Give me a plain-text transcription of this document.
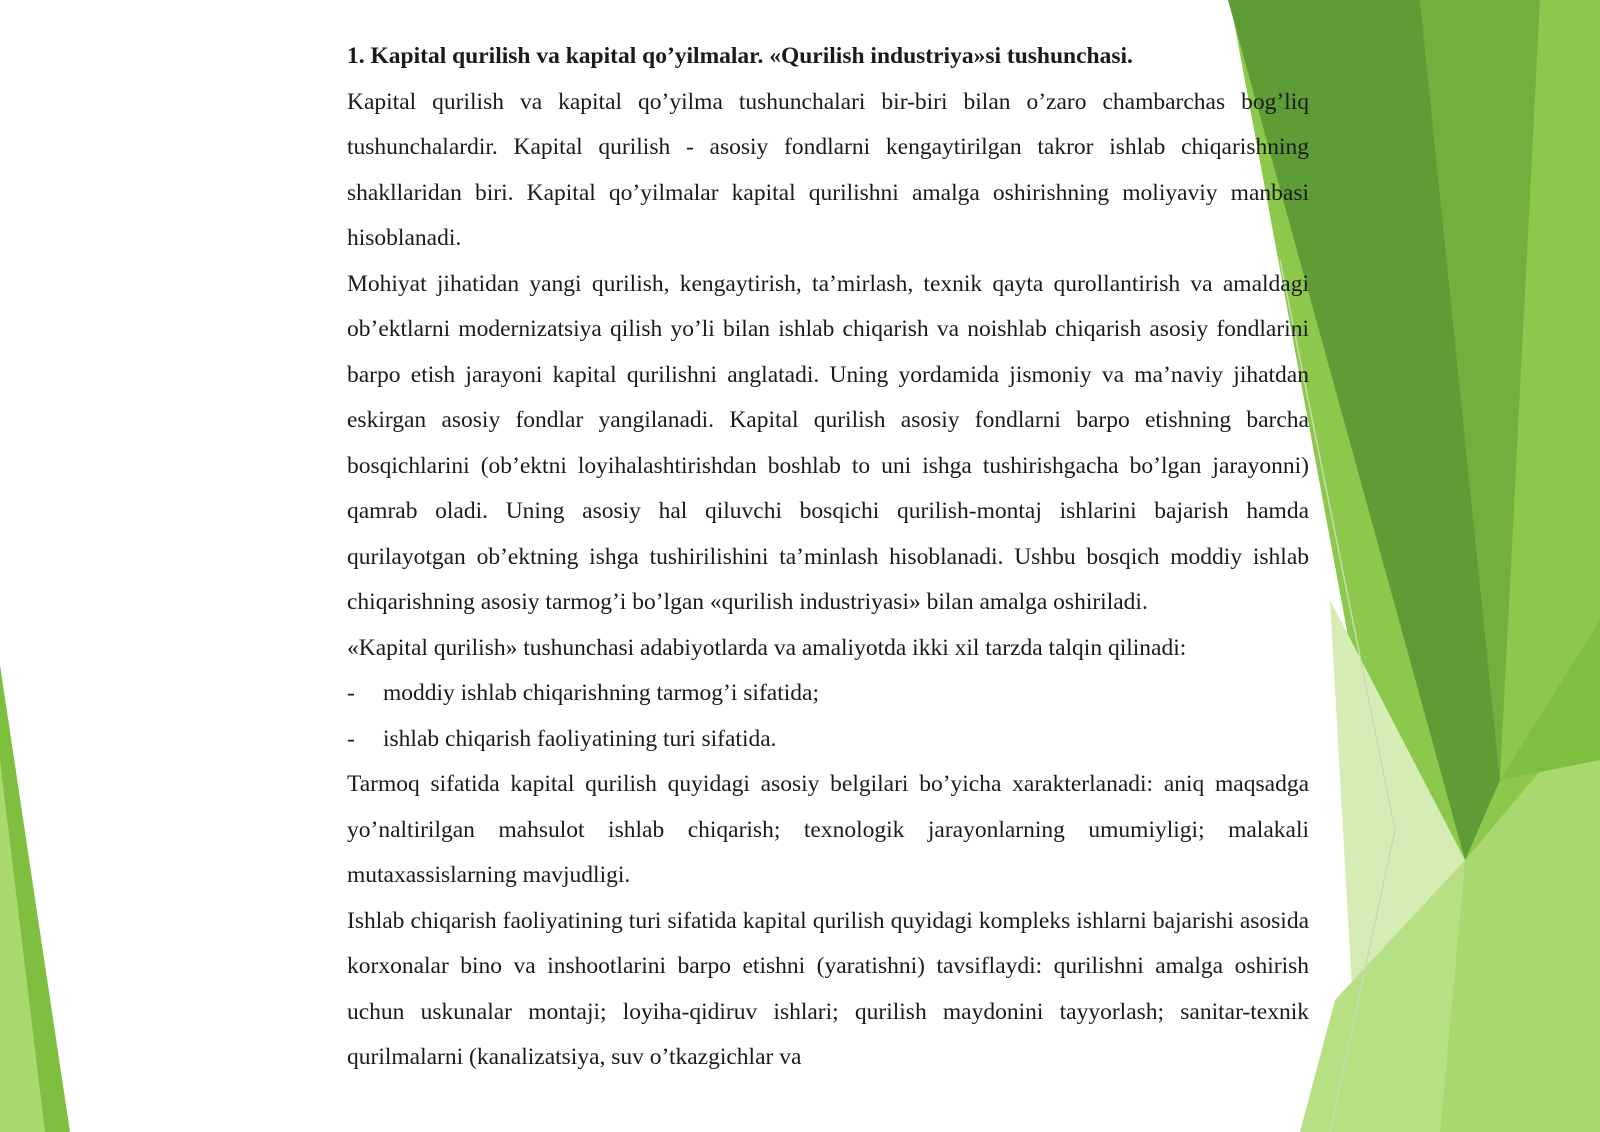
1. Kapital qurilish va kapital qo’yilmalar. «Qurilish industriya»si tushunchasi.

Kapital qurilish va kapital qo’yilma tushunchalari bir-biri bilan o’zaro chambarchas bog’liq tushunchalardir. Kapital qurilish - asosiy fondlarni kengaytirilgan takror ishlab chiqarishning shakllaridan biri. Kapital qo’yilmalar kapital qurilishni amalga oshirishning moliyaviy manbasi hisoblanadi.

Mohiyat jihatidan yangi qurilish, kengaytirish, ta’mirlash, texnik qayta qurollantirish va amaldagi ob’ektlarni modernizatsiya qilish yo’li bilan ishlab chiqarish va noishlab chiqarish asosiy fondlarini barpo etish jarayoni kapital qurilishni anglatadi. Uning yordamida jismoniy va ma’naviy jihatdan eskirgan asosiy fondlar yangilanadi. Kapital qurilish asosiy fondlarni barpo etishning barcha bosqichlarini (ob’ektni loyihalashtirishdan boshlab to uni ishga tushirishgacha bo’lgan jarayonni) qamrab oladi. Uning asosiy hal qiluvchi bosqichi qurilish-montaj ishlarini bajarish hamda qurilayotgan ob’ektning ishga tushirilishini ta’minlash hisoblanadi. Ushbu bosqich moddiy ishlab chiqarishning asosiy tarmog’i bo’lgan «qurilish industriyasi» bilan amalga oshiriladi.

«Kapital qurilish» tushunchasi adabiyotlarda va amaliyotda ikki xil tarzda talqin qilinadi:

-	moddiy ishlab chiqarishning tarmog’i sifatida;
-	ishlab chiqarish faoliyatining turi sifatida.

Tarmoq sifatida kapital qurilish quyidagi asosiy belgilari bo’yicha xarakterlanadi: aniq maqsadga yo’naltirilgan mahsulot ishlab chiqarish; texnologik jarayonlarning umumiyligi; malakali mutaxassislarning mavjudligi.

Ishlab chiqarish faoliyatining turi sifatida kapital qurilish quyidagi kompleks ishlarni bajarishi asosida korxonalar bino va inshootlarini barpo etishni (yaratishni) tavsiflaydi: qurilishni amalga oshirish uchun uskunalar montaji; loyiha-qidiruv ishlari; qurilish maydonini tayyorlash; sanitar-texnik qurilmalarni (kanalizatsiya, suv o’tkazgichlar va
